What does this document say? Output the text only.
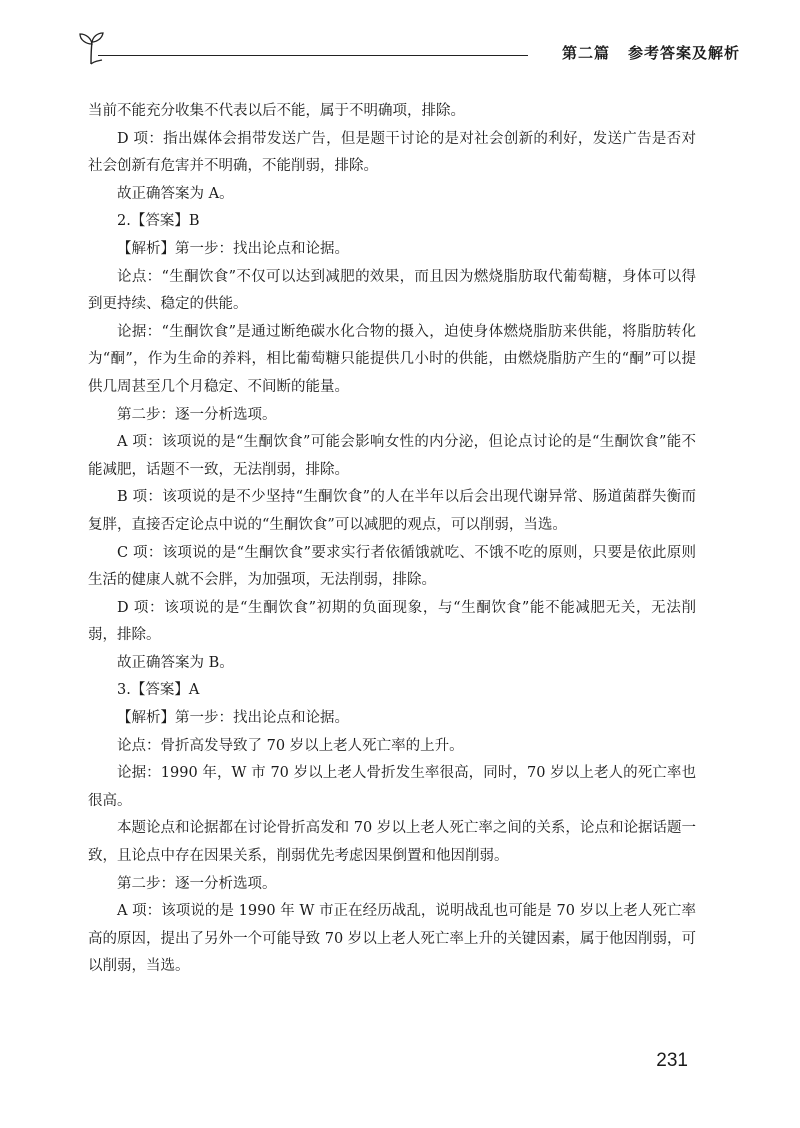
第二篇 参考答案及解析

当前不能充分收集不代表以后不能，属于不明确项，排除。

D 项：指出媒体会捐带发送广告，但是题干讨论的是对社会创新的利好，发送广告是否对社会创新有危害并不明确，不能削弱，排除。

故正确答案为 A。

2.【答案】B

【解析】第一步：找出论点和论据。

论点：“生酮饮食”不仅可以达到减肥的效果，而且因为燃烧脂肪取代葡萄糖，身体可以得到更持续、稳定的供能。

论据：“生酮饮食”是通过断绝碳水化合物的摄入，迫使身体燃烧脂肪来供能，将脂肪转化为“酮”，作为生命的养料，相比葡萄糖只能提供几小时的供能，由燃烧脂肪产生的“酮”可以提供几周甚至几个月稳定、不间断的能量。

第二步：逐一分析选项。

A 项：该项说的是“生酮饮食”可能会影响女性的内分泌，但论点讨论的是“生酮饮食”能不能减肥，话题不一致，无法削弱，排除。

B 项：该项说的是不少坚持“生酮饮食”的人在半年以后会出现代谢异常、肠道菌群失衡而复胖，直接否定论点中说的“生酮饮食”可以减肥的观点，可以削弱，当选。

C 项：该项说的是“生酮饮食”要求实行者依循饿就吃、不饿不吃的原则，只要是依此原则生活的健康人就不会胖，为加强项，无法削弱，排除。

D 项：该项说的是“生酮饮食”初期的负面现象，与“生酮饮食”能不能减肥无关，无法削弱，排除。

故正确答案为 B。

3.【答案】A

【解析】第一步：找出论点和论据。

论点：骨折高发导致了 70 岁以上老人死亡率的上升。

论据：1990 年，W 市 70 岁以上老人骨折发生率很高，同时，70 岁以上老人的死亡率也很高。

本题论点和论据都在讨论骨折高发和 70 岁以上老人死亡率之间的关系，论点和论据话题一致，且论点中存在因果关系，削弱优先考虑因果倒置和他因削弱。

第二步：逐一分析选项。

A 项：该项说的是 1990 年 W 市正在经历战乱，说明战乱也可能是 70 岁以上老人死亡率高的原因，提出了另外一个可能导致 70 岁以上老人死亡率上升的关键因素，属于他因削弱，可以削弱，当选。

231
